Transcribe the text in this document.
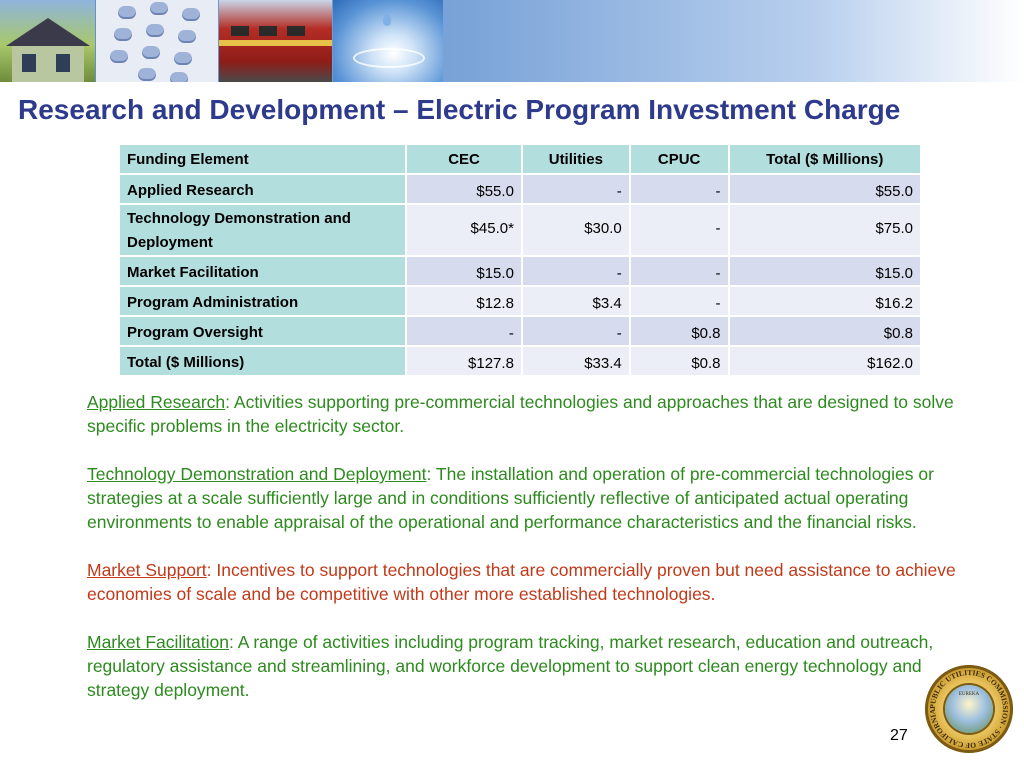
Research and Development – Electric Program Investment Charge
Funding Element	CEC	Utilities	CPUC	Total ($ Millions)
Applied Research	$55.0	-	-	$55.0
Technology Demonstration and Deployment	$45.0*	$30.0	-	$75.0
Market Facilitation	$15.0	-	-	$15.0
Program Administration	$12.8	$3.4	-	$16.2
Program Oversight	-	-	$0.8	$0.8
Total ($ Millions)	$127.8	$33.4	$0.8	$162.0

Applied Research: Activities supporting pre-commercial technologies and approaches that are designed to solve specific problems in the electricity sector.

Technology Demonstration and Deployment: The installation and operation of pre-commercial technologies or strategies at a scale sufficiently large and in conditions sufficiently reflective of anticipated actual operating environments to enable appraisal of the operational and performance characteristics and the financial risks.

Market Support: Incentives to support technologies that are commercially proven but need assistance to achieve economies of scale and be competitive with other more established technologies.

Market Facilitation: A range of activities including program tracking, market research, education and outreach, regulatory assistance and streamlining, and workforce development to support clean energy technology and strategy deployment.

27
PUBLIC UTILITIES COMMISSION · STATE OF CALIFORNIA
EUREKA
